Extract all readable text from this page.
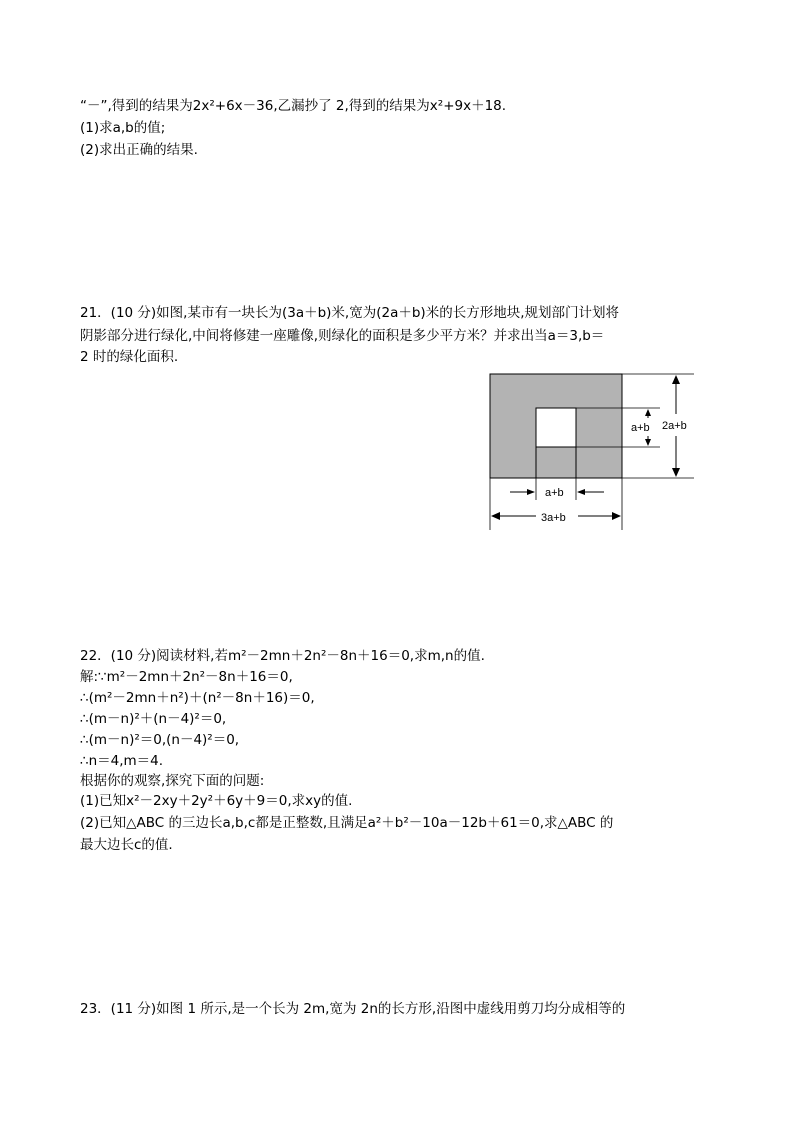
“－”,得到的结果为2x²+6x－36,乙漏抄了 2,得到的结果为x²+9x＋18.
(1)求a,b的值;
(2)求出正确的结果.
21．(10 分)如图,某市有一块长为(3a＋b)米,宽为(2a＋b)米的长方形地块,规划部门计划将
阴影部分进行绿化,中间将修建一座雕像,则绿化的面积是多少平方米？并求出当a＝3,b＝
2 时的绿化面积.
a+b 2a+b
a+b
3a+b
22．(10 分)阅读材料,若m²－2mn＋2n²－8n＋16＝0,求m,n的值.
解:∵m²－2mn＋2n²－8n＋16＝0,
∴(m²－2mn＋n²)＋(n²－8n＋16)＝0,
∴(m－n)²＋(n－4)²＝0,
∴(m－n)²＝0,(n－4)²＝0,
∴n＝4,m＝4.
根据你的观察,探究下面的问题:
(1)已知x²－2xy＋2y²＋6y＋9＝0,求xy的值.
(2)已知△ABC 的三边长a,b,c都是正整数,且满足a²＋b²－10a－12b＋61＝0,求△ABC 的
最大边长c的值.
23．(11 分)如图 1 所示,是一个长为 2m,宽为 2n的长方形,沿图中虚线用剪刀均分成相等的
